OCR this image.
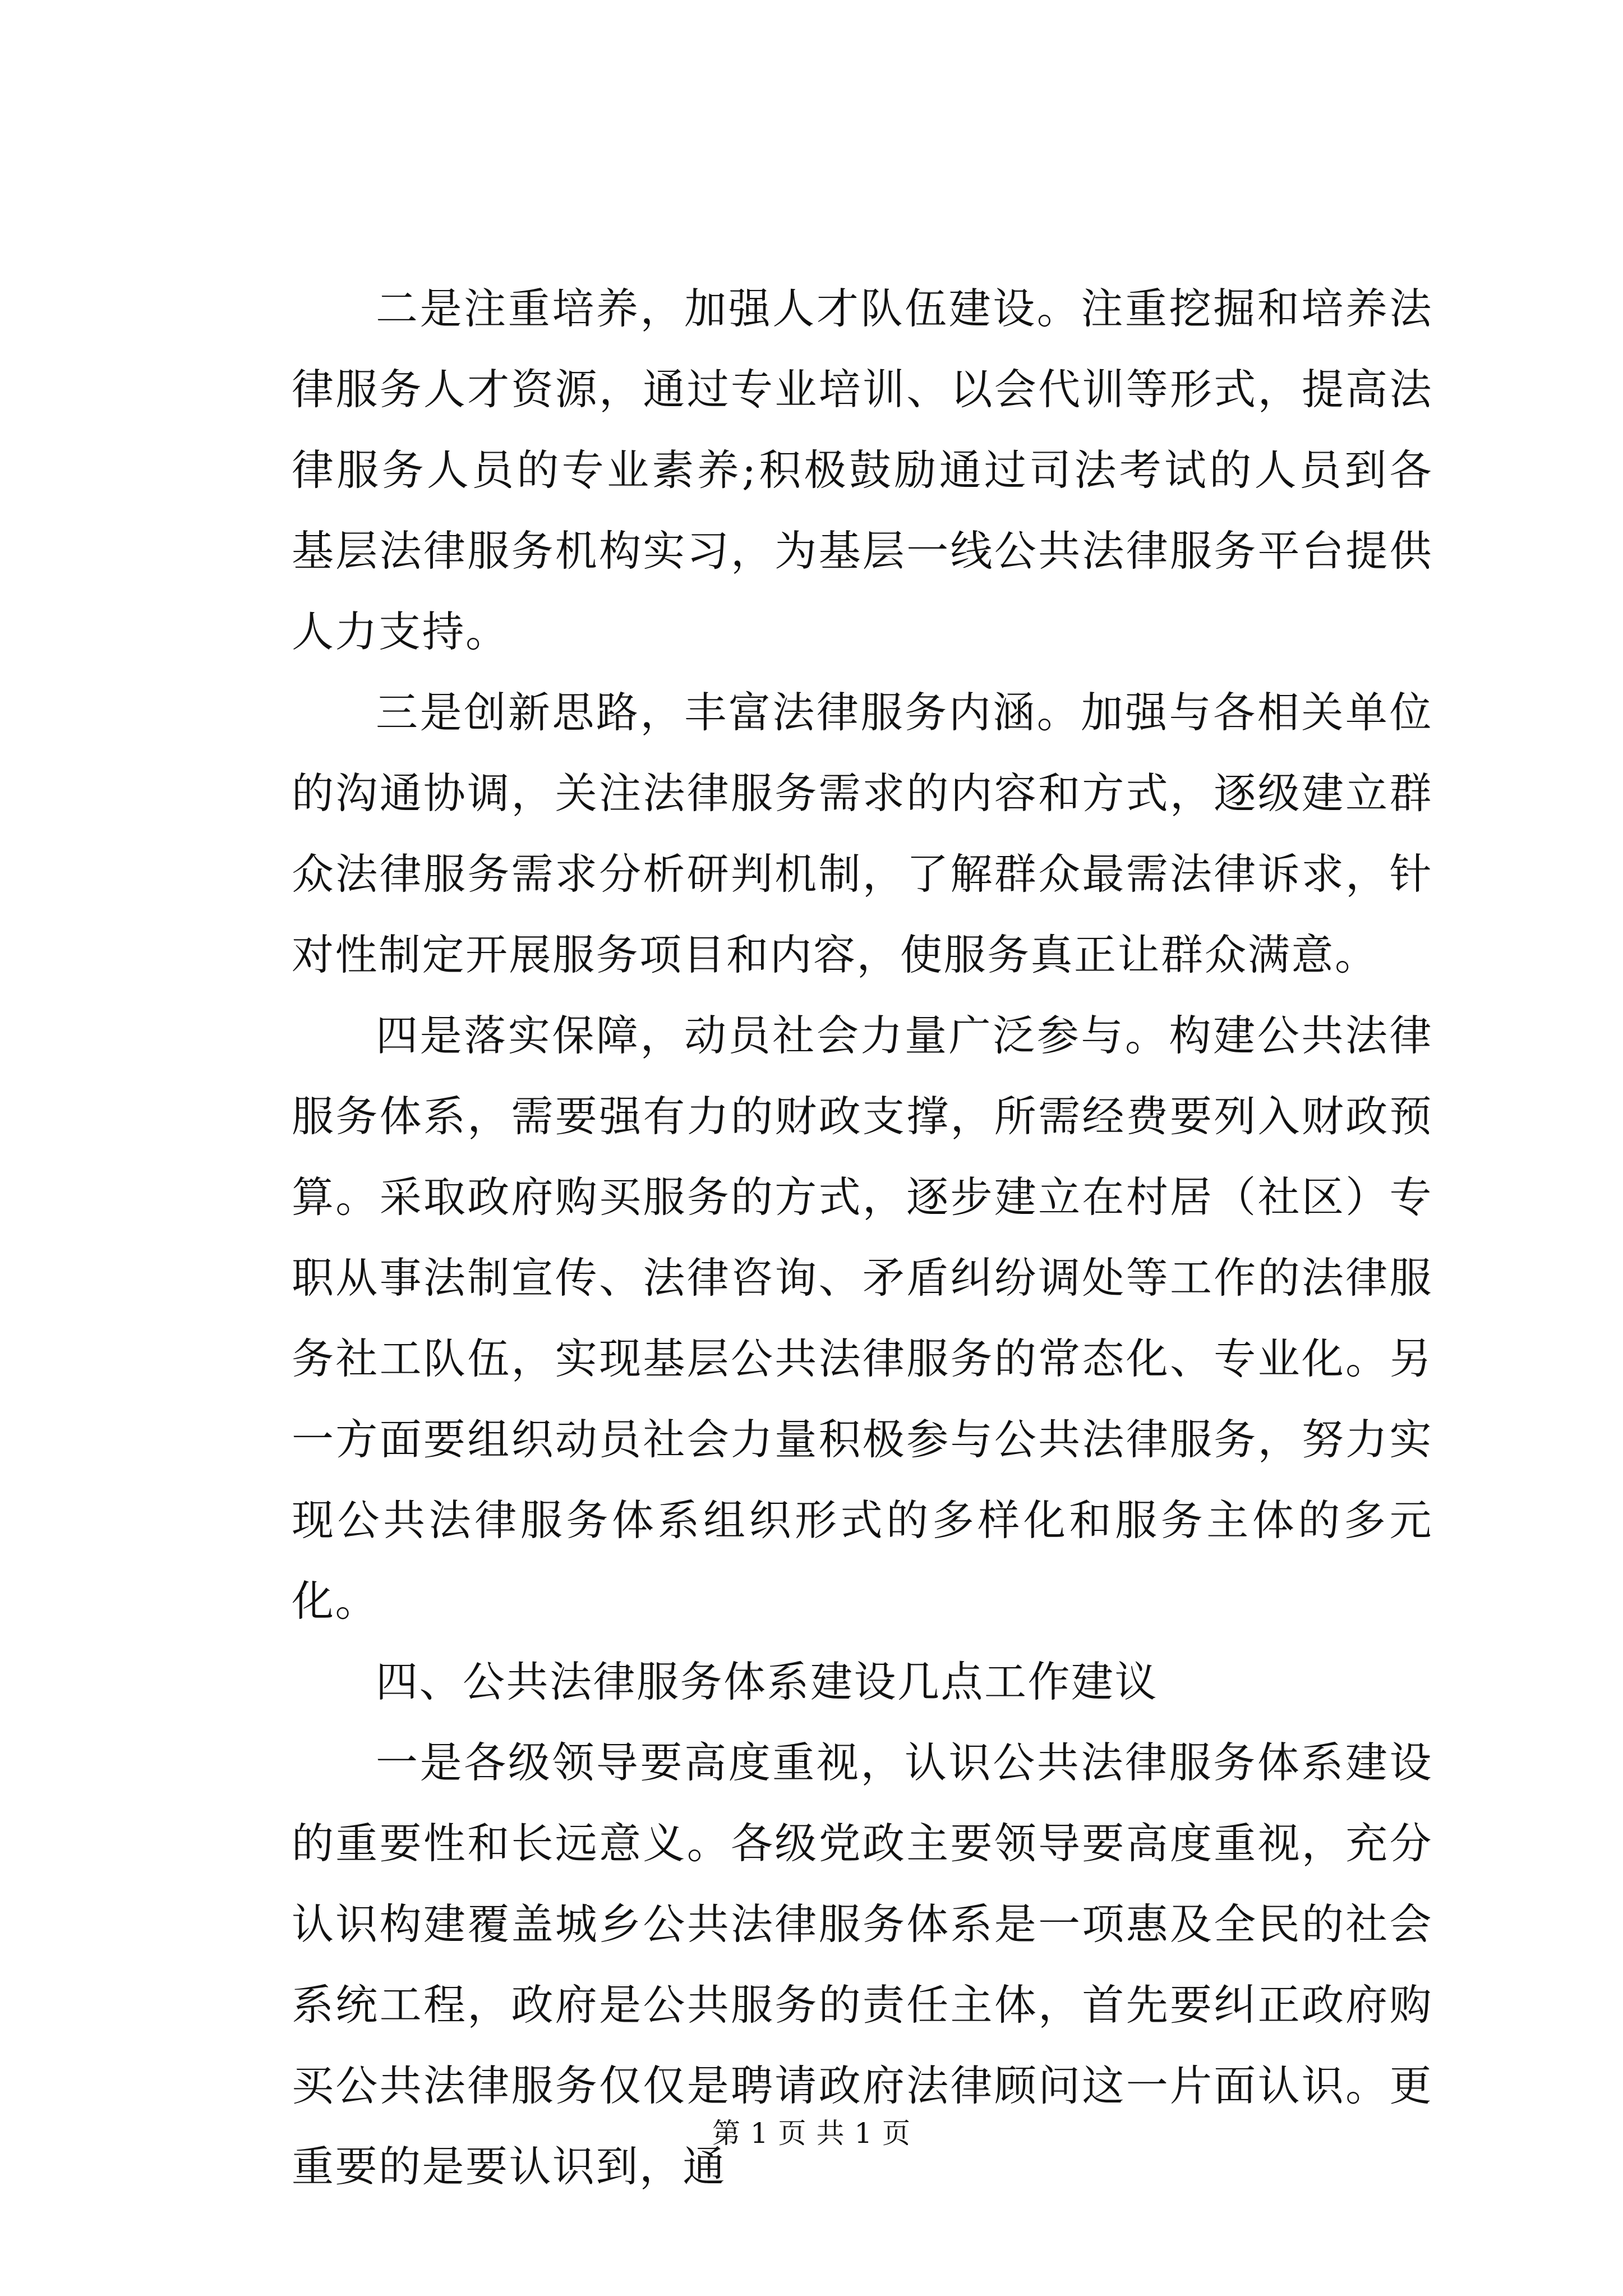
二是注重培养，加强人才队伍建设。注重挖掘和培养法律服务人才资源，通过专业培训、以会代训等形式，提高法律服务人员的专业素养;积极鼓励通过司法考试的人员到各基层法律服务机构实习，为基层一线公共法律服务平台提供人力支持。

三是创新思路，丰富法律服务内涵。加强与各相关单位的沟通协调，关注法律服务需求的内容和方式，逐级建立群众法律服务需求分析研判机制，了解群众最需法律诉求，针对性制定开展服务项目和内容，使服务真正让群众满意。

四是落实保障，动员社会力量广泛参与。构建公共法律服务体系，需要强有力的财政支撑，所需经费要列入财政预算。采取政府购买服务的方式，逐步建立在村居（社区）专职从事法制宣传、法律咨询、矛盾纠纷调处等工作的法律服务社工队伍，实现基层公共法律服务的常态化、专业化。另一方面要组织动员社会力量积极参与公共法律服务，努力实现公共法律服务体系组织形式的多样化和服务主体的多元化。

四、公共法律服务体系建设几点工作建议

一是各级领导要高度重视，认识公共法律服务体系建设的重要性和长远意义。各级党政主要领导要高度重视，充分认识构建覆盖城乡公共法律服务体系是一项惠及全民的社会系统工程，政府是公共服务的责任主体，首先要纠正政府购买公共法律服务仅仅是聘请政府法律顾问这一片面认识。更重要的是要认识到，通

第 1 页 共 1 页
